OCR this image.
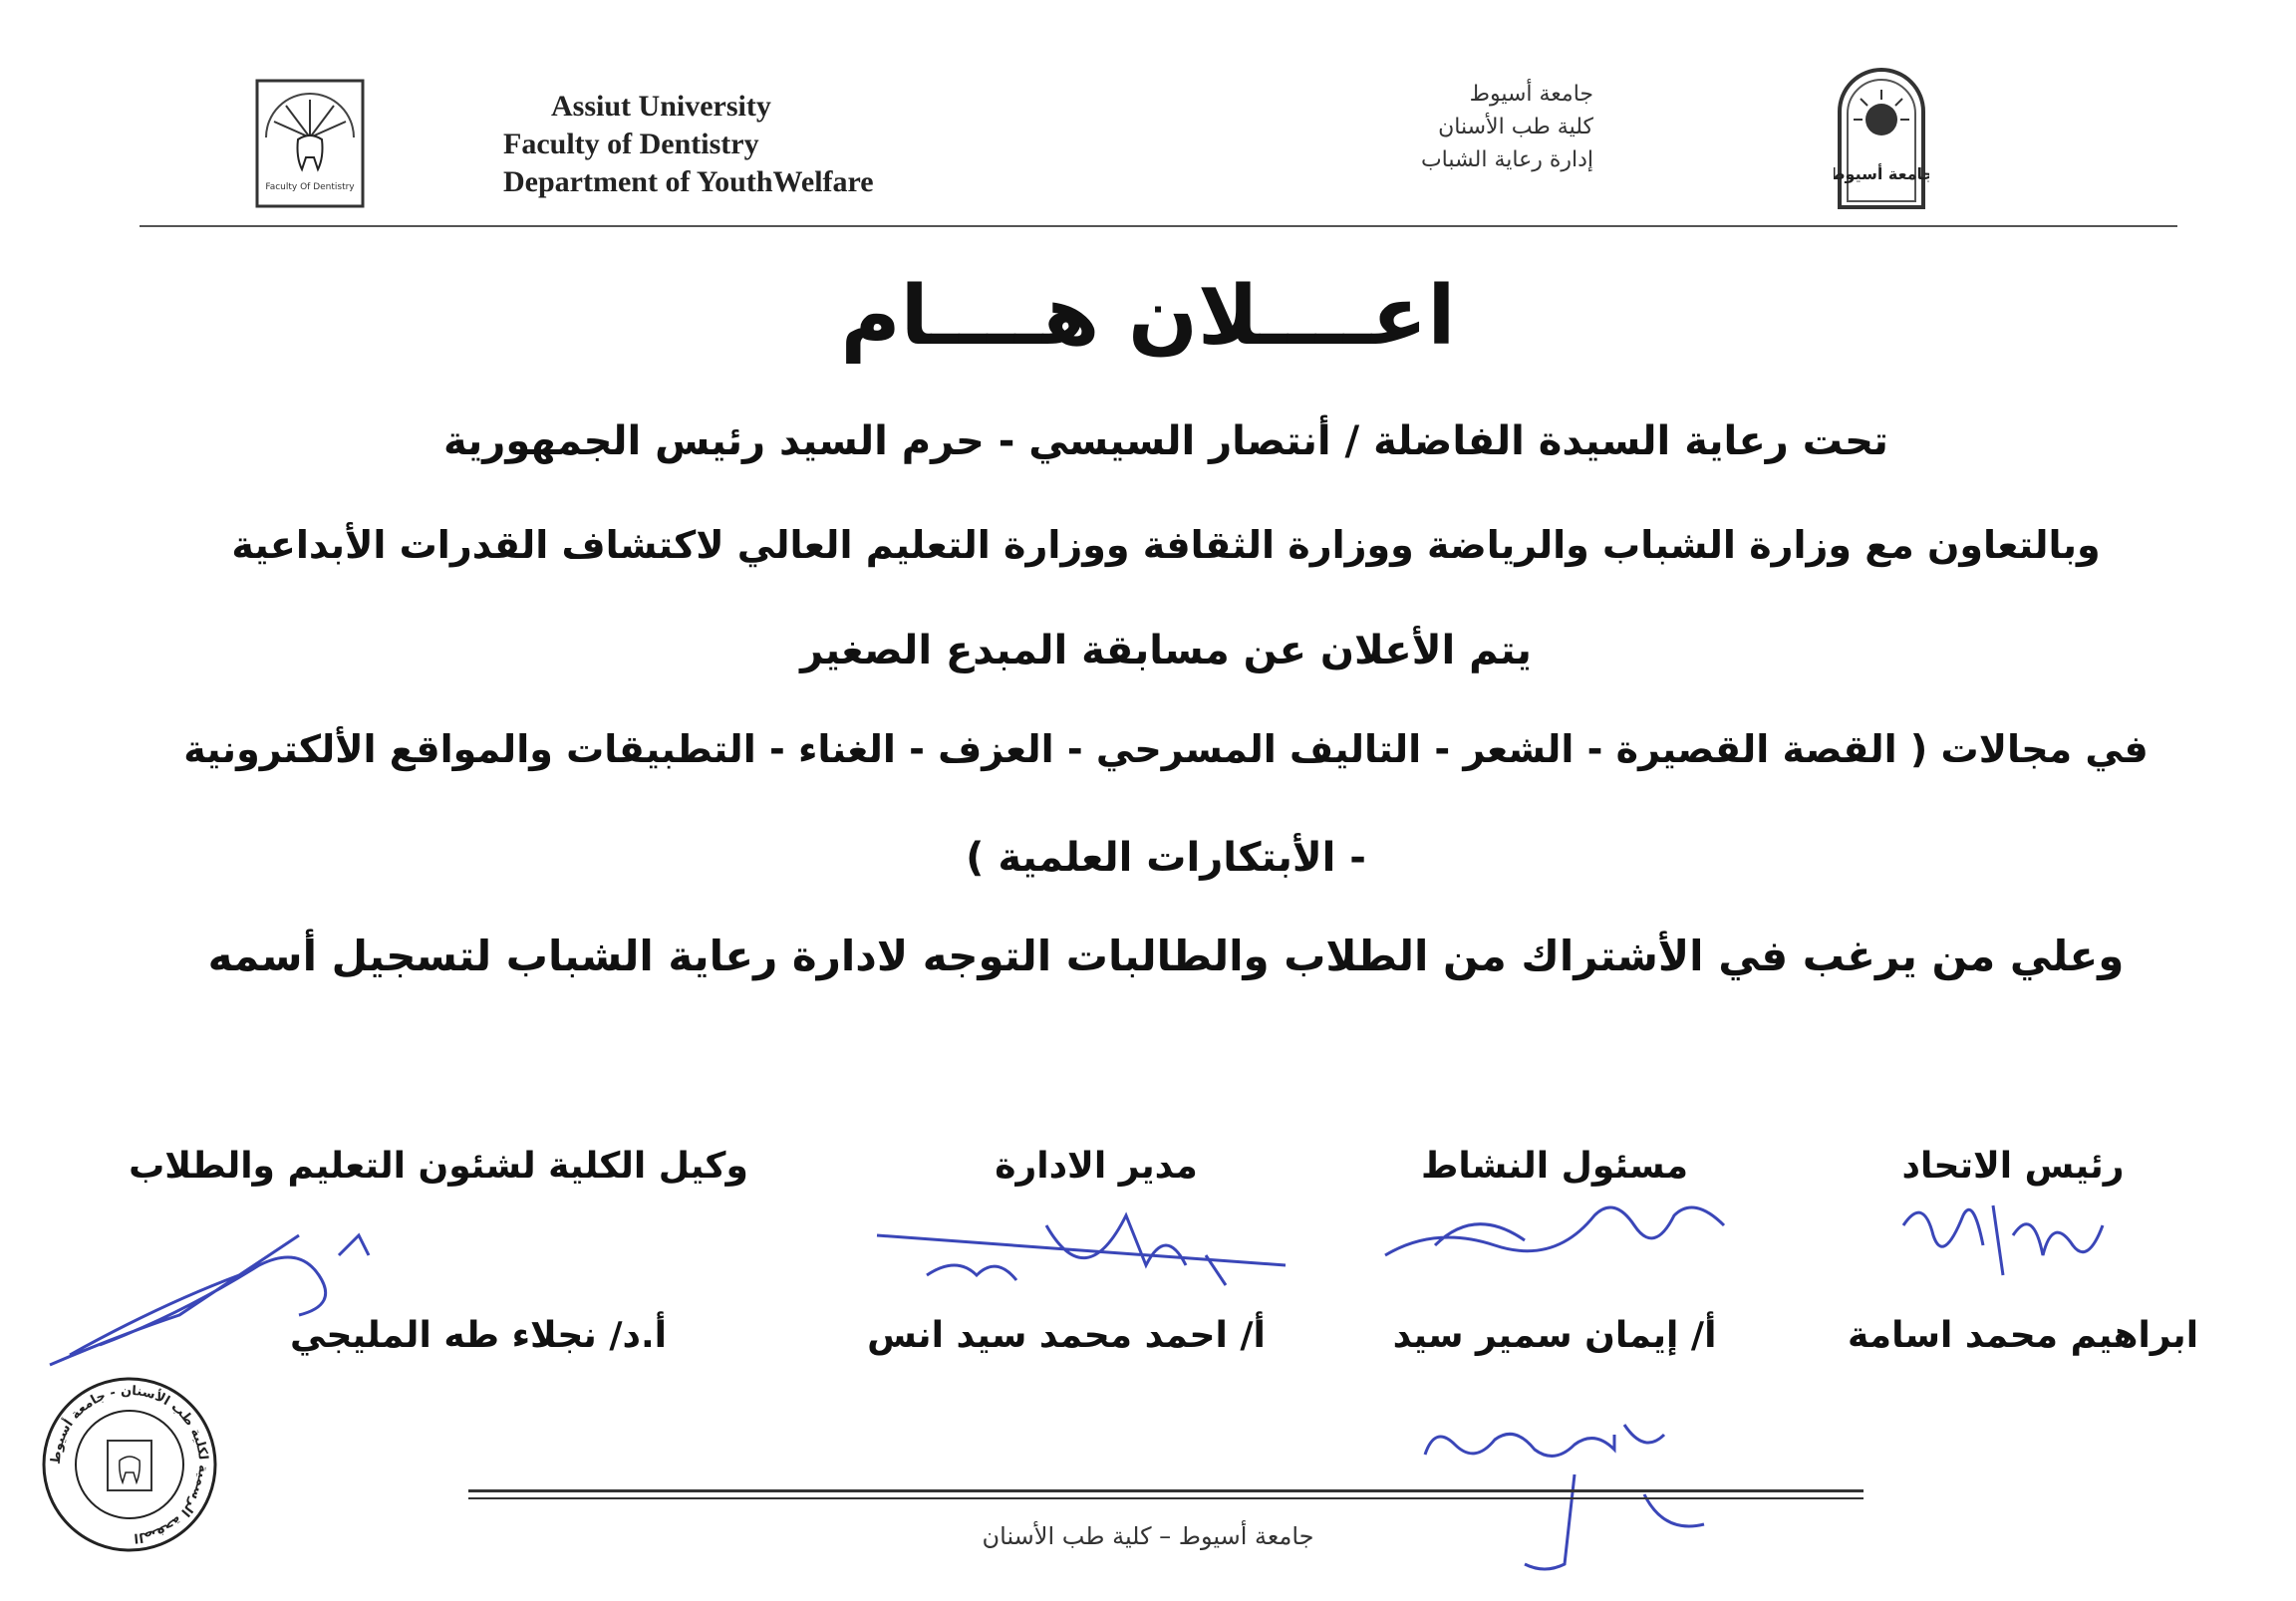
Faculty Of Dentistry
Assiut University
Faculty of Dentistry
Department of YouthWelfare
جامعة أسيوط
كلية طب الأسنان
إدارة رعاية الشباب
جامعة أسيوط
اعــــلان هــــام
تحت رعاية السيدة الفاضلة / أنتصار السيسي - حرم السيد رئيس الجمهورية
وبالتعاون مع وزارة الشباب والرياضة ووزارة الثقافة ووزارة التعليم العالي لاكتشاف القدرات الأبداعية
يتم الأعلان عن مسابقة المبدع الصغير
في مجالات ( القصة القصيرة - الشعر - التاليف المسرحي - العزف - الغناء - التطبيقات والمواقع الألكترونية
- الأبتكارات العلمية )
وعلي من يرغب في الأشتراك من الطلاب والطالبات التوجه لادارة رعاية الشباب لتسجيل أسمه
رئيس الاتحاد
مسئول النشاط
مدير الادارة
وكيل الكلية لشئون التعليم والطلاب
ابراهيم محمد اسامة
أ/ إيمان سمير سيد
أ/ احمد محمد سيد انس
أ.د/ نجلاء طه المليجي
الصفحة الرسمية لكلية طب الأسنان - جامعة أسيوط	جامعة أسيوط – كلية طب الأسنان
